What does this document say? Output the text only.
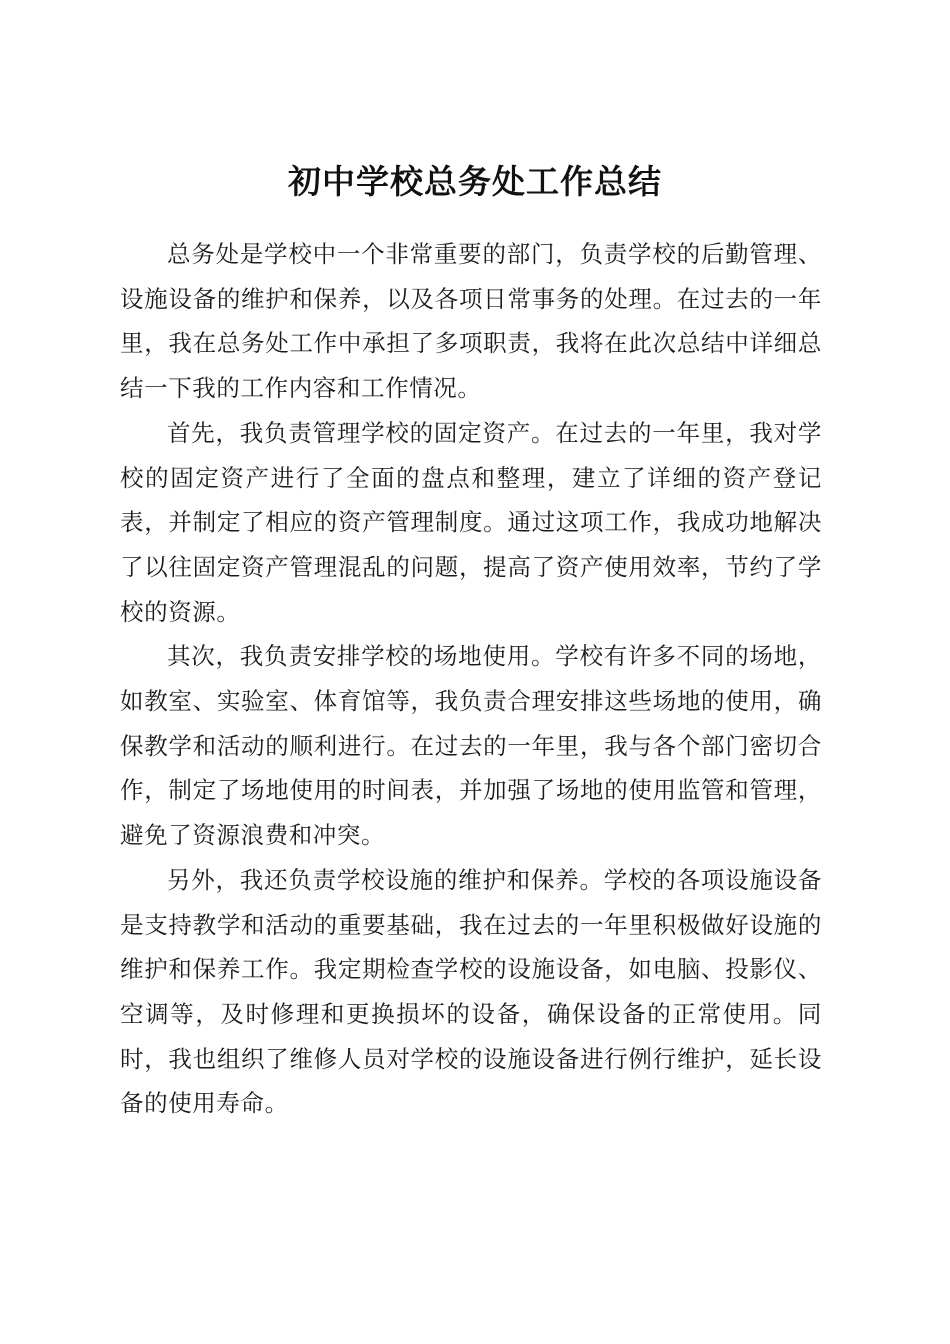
初中学校总务处工作总结

总务处是学校中一个非常重要的部门，负责学校的后勤管理、设施设备的维护和保养，以及各项日常事务的处理。在过去的一年里，我在总务处工作中承担了多项职责，我将在此次总结中详细总结一下我的工作内容和工作情况。

首先，我负责管理学校的固定资产。在过去的一年里，我对学校的固定资产进行了全面的盘点和整理，建立了详细的资产登记表，并制定了相应的资产管理制度。通过这项工作，我成功地解决了以往固定资产管理混乱的问题，提高了资产使用效率，节约了学校的资源。

其次，我负责安排学校的场地使用。学校有许多不同的场地，如教室、实验室、体育馆等，我负责合理安排这些场地的使用，确保教学和活动的顺利进行。在过去的一年里，我与各个部门密切合作，制定了场地使用的时间表，并加强了场地的使用监管和管理，避免了资源浪费和冲突。

另外，我还负责学校设施的维护和保养。学校的各项设施设备是支持教学和活动的重要基础，我在过去的一年里积极做好设施的维护和保养工作。我定期检查学校的设施设备，如电脑、投影仪、空调等，及时修理和更换损坏的设备，确保设备的正常使用。同时，我也组织了维修人员对学校的设施设备进行例行维护，延长设备的使用寿命。
